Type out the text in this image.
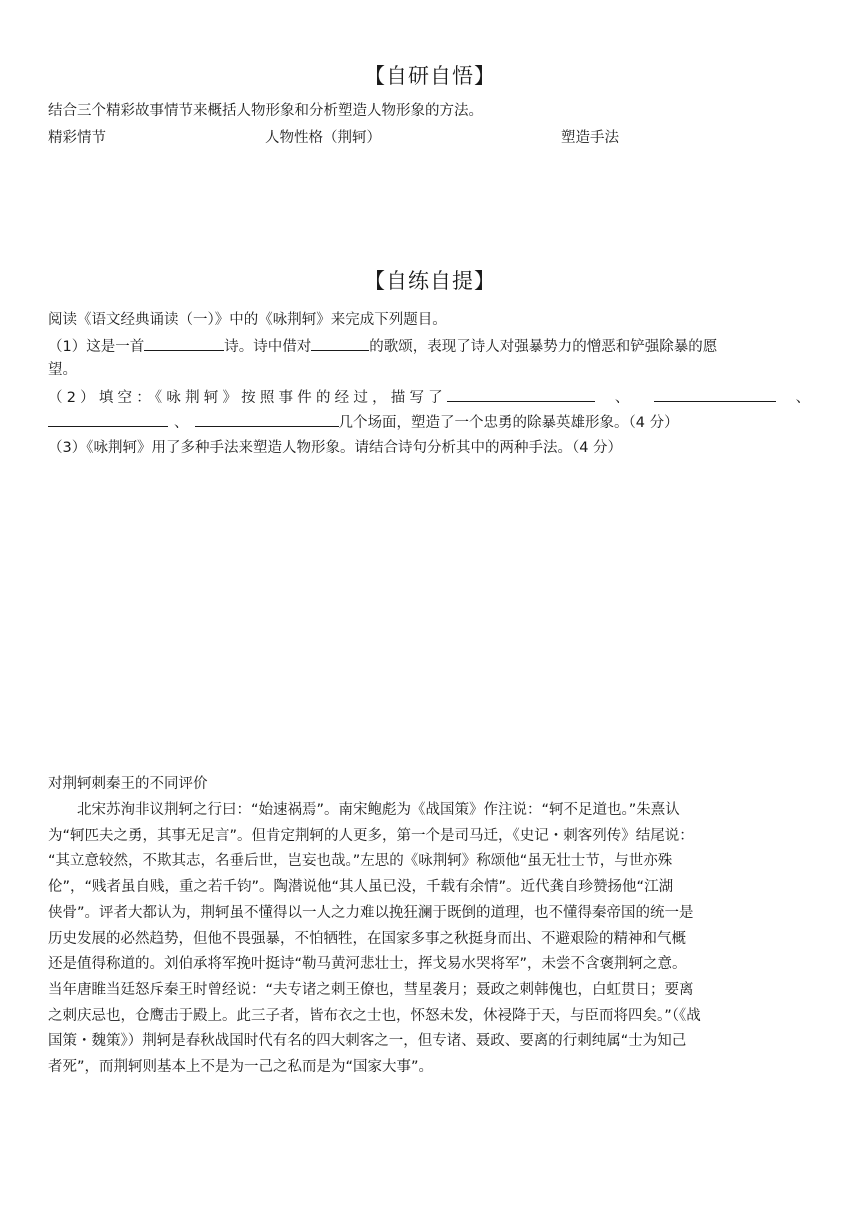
【自研自悟】
结合三个精彩故事情节来概括人物形象和分析塑造人物形象的方法。
精彩情节	人物性格（荆轲）	塑造手法
【自练自提】
阅读《语文经典诵读（一）》中的《咏荆轲》来完成下列题目。
（1）这是一首	诗。诗中借对	的歌颂，表现了诗人对强暴势力的憎恶和铲强除暴的愿
望。
（2）填空：《咏荆轲》按照事件的经过，描写了	、	、
、	几个场面，塑造了一个忠勇的除暴英雄形象。（4 分）
（3）《咏荆轲》用了多种手法来塑造人物形象。请结合诗句分析其中的两种手法。（4 分）
对荆轲刺秦王的不同评价
北宋苏洵非议荆轲之行曰：“始速祸焉”。南宋鲍彪为《战国策》作注说：“轲不足道也。”朱熹认
为“轲匹夫之勇，其事无足言”。但肯定荆轲的人更多，第一个是司马迁，《史记・刺客列传》结尾说：
“其立意较然，不欺其志，名垂后世，岂妄也哉。”左思的《咏荆轲》称颂他“虽无壮士节，与世亦殊
伦”，“贱者虽自贱，重之若千钧”。陶潜说他“其人虽已没，千载有余情”。近代龚自珍赞扬他“江湖
侠骨”。评者大都认为，荆轲虽不懂得以一人之力难以挽狂澜于既倒的道理，也不懂得秦帝国的统一是
历史发展的必然趋势，但他不畏强暴，不怕牺牲，在国家多事之秋挺身而出、不避艰险的精神和气概
还是值得称道的。刘伯承将军挽叶挺诗“勒马黄河悲壮士，挥戈易水哭将军”，未尝不含褒荆轲之意。
当年唐睢当廷怒斥秦王时曾经说：“夫专诸之刺王僚也，彗星袭月；聂政之刺韩傀也，白虹贯日；要离
之刺庆忌也，仓鹰击于殿上。此三子者，皆布衣之士也，怀怒未发，休祲降于天，与臣而将四矣。”（《战
国策・魏策》）荆轲是春秋战国时代有名的四大刺客之一，但专诸、聂政、要离的行刺纯属“士为知己
者死”，而荆轲则基本上不是为一己之私而是为“国家大事”。
